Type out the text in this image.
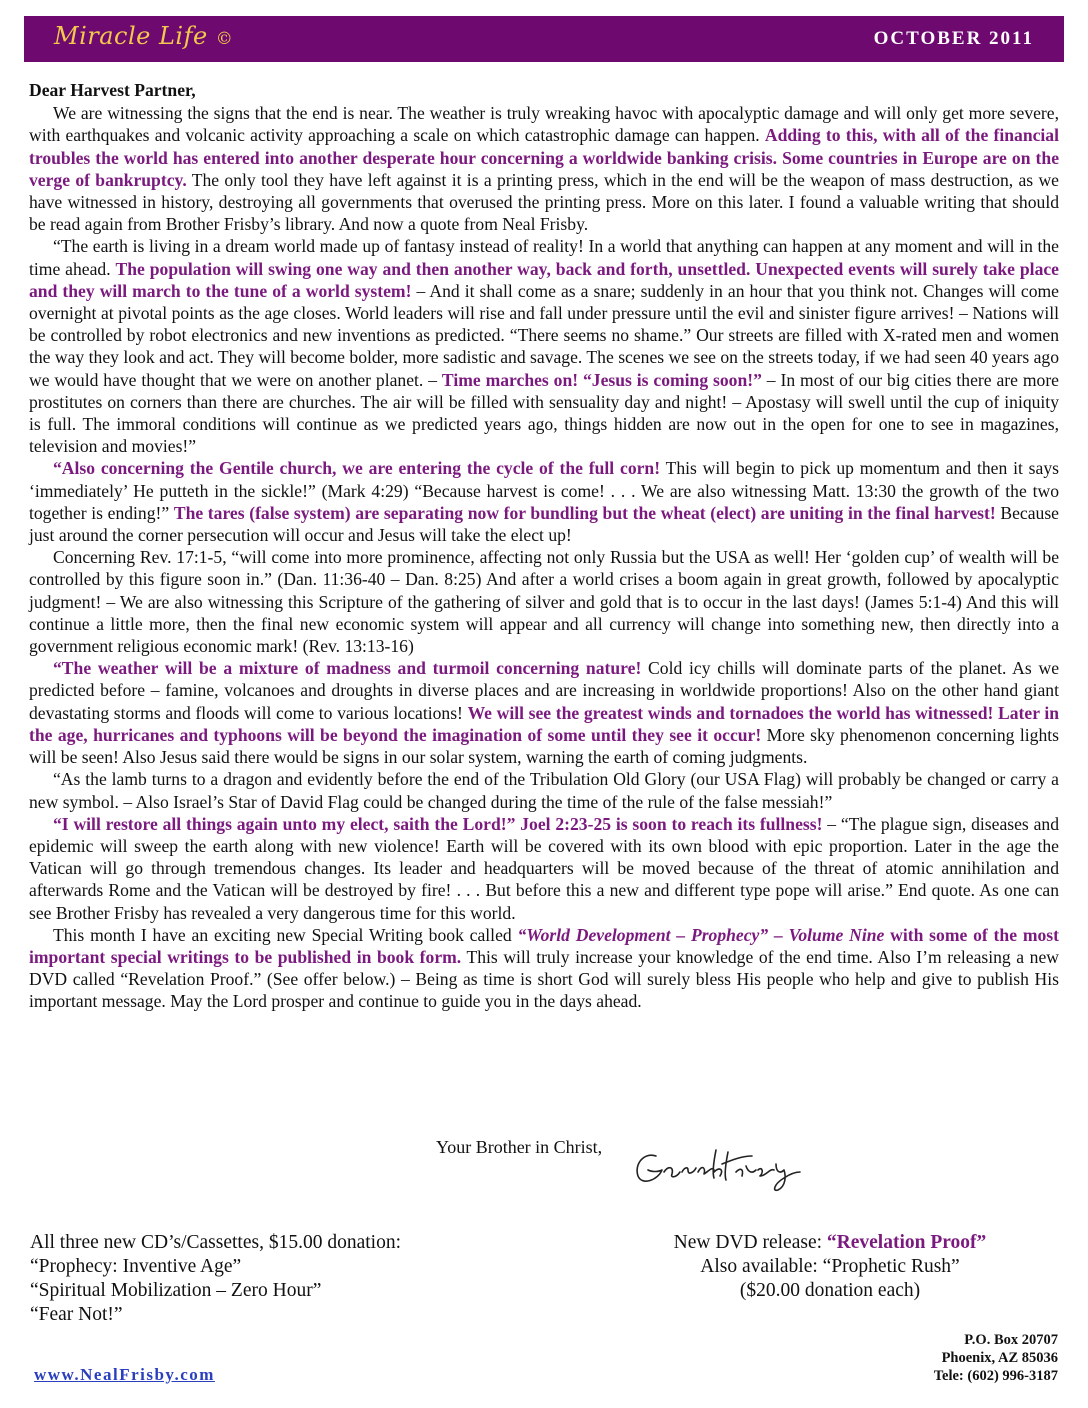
Miracle Life ©	OCTOBER 2011
Dear Harvest Partner,

We are witnessing the signs that the end is near. The weather is truly wreaking havoc with apocalyptic damage and will only get more severe, with earthquakes and volcanic activity approaching a scale on which catastrophic damage can happen. Adding to this, with all of the financial troubles the world has entered into another desperate hour concerning a worldwide banking crisis. Some countries in Europe are on the verge of bankruptcy. The only tool they have left against it is a printing press, which in the end will be the weapon of mass destruction, as we have witnessed in history, destroying all governments that overused the printing press. More on this later. I found a valuable writing that should be read again from Brother Frisby’s library. And now a quote from Neal Frisby.

“The earth is living in a dream world made up of fantasy instead of reality! In a world that anything can happen at any moment and will in the time ahead. The population will swing one way and then another way, back and forth, unsettled. Unexpected events will surely take place and they will march to the tune of a world system! – And it shall come as a snare; suddenly in an hour that you think not. Changes will come overnight at pivotal points as the age closes. World leaders will rise and fall under pressure until the evil and sinister figure arrives! – Nations will be controlled by robot electronics and new inventions as predicted. “There seems no shame.” Our streets are filled with X-rated men and women the way they look and act. They will become bolder, more sadistic and savage. The scenes we see on the streets today, if we had seen 40 years ago we would have thought that we were on another planet. – Time marches on! “Jesus is coming soon!” – In most of our big cities there are more prostitutes on corners than there are churches. The air will be filled with sensuality day and night! – Apostasy will swell until the cup of iniquity is full. The immoral conditions will continue as we predicted years ago, things hidden are now out in the open for one to see in magazines, television and movies!”

“Also concerning the Gentile church, we are entering the cycle of the full corn! This will begin to pick up momentum and then it says ‘immediately’ He putteth in the sickle!” (Mark 4:29) “Because harvest is come! . . . We are also witnessing Matt. 13:30 the growth of the two together is ending!” The tares (false system) are separating now for bundling but the wheat (elect) are uniting in the final harvest! Because just around the corner persecution will occur and Jesus will take the elect up!

Concerning Rev. 17:1-5, “will come into more prominence, affecting not only Russia but the USA as well! Her ‘golden cup’ of wealth will be controlled by this figure soon in.” (Dan. 11:36-40 – Dan. 8:25) And after a world crises a boom again in great growth, followed by apocalyptic judgment! – We are also witnessing this Scripture of the gathering of silver and gold that is to occur in the last days! (James 5:1-4) And this will continue a little more, then the final new economic system will appear and all currency will change into something new, then directly into a government religious economic mark! (Rev. 13:13-16)

“The weather will be a mixture of madness and turmoil concerning nature! Cold icy chills will dominate parts of the planet. As we predicted before – famine, volcanoes and droughts in diverse places and are increasing in worldwide proportions! Also on the other hand giant devastating storms and floods will come to various locations! We will see the greatest winds and tornadoes the world has witnessed! Later in the age, hurricanes and typhoons will be beyond the imagination of some until they see it occur! More sky phenomenon concerning lights will be seen! Also Jesus said there would be signs in our solar system, warning the earth of coming judgments.

“As the lamb turns to a dragon and evidently before the end of the Tribulation Old Glory (our USA Flag) will probably be changed or carry a new symbol. – Also Israel’s Star of David Flag could be changed during the time of the rule of the false messiah!”

“I will restore all things again unto my elect, saith the Lord!” Joel 2:23-25 is soon to reach its fullness! – “The plague sign, diseases and epidemic will sweep the earth along with new violence! Earth will be covered with its own blood with epic proportion. Later in the age the Vatican will go through tremendous changes. Its leader and headquarters will be moved because of the threat of atomic annihilation and afterwards Rome and the Vatican will be destroyed by fire! . . . But before this a new and different type pope will arise.” End quote. As one can see Brother Frisby has revealed a very dangerous time for this world.

This month I have an exciting new Special Writing book called “World Development – Prophecy” – Volume Nine with some of the most important special writings to be published in book form. This will truly increase your knowledge of the end time. Also I’m releasing a new DVD called “Revelation Proof.” (See offer below.) – Being as time is short God will surely bless His people who help and give to publish His important message. May the Lord prosper and continue to guide you in the days ahead.

Your Brother in Christ,
All three new CD’s/Cassettes, $15.00 donation:
“Prophecy: Inventive Age”
“Spiritual Mobilization – Zero Hour”
“Fear Not!”
New DVD release: “Revelation Proof”
Also available: “Prophetic Rush”
($20.00 donation each)
www.NealFrisby.com
P.O. Box 20707
Phoenix, AZ 85036
Tele: (602) 996-3187
